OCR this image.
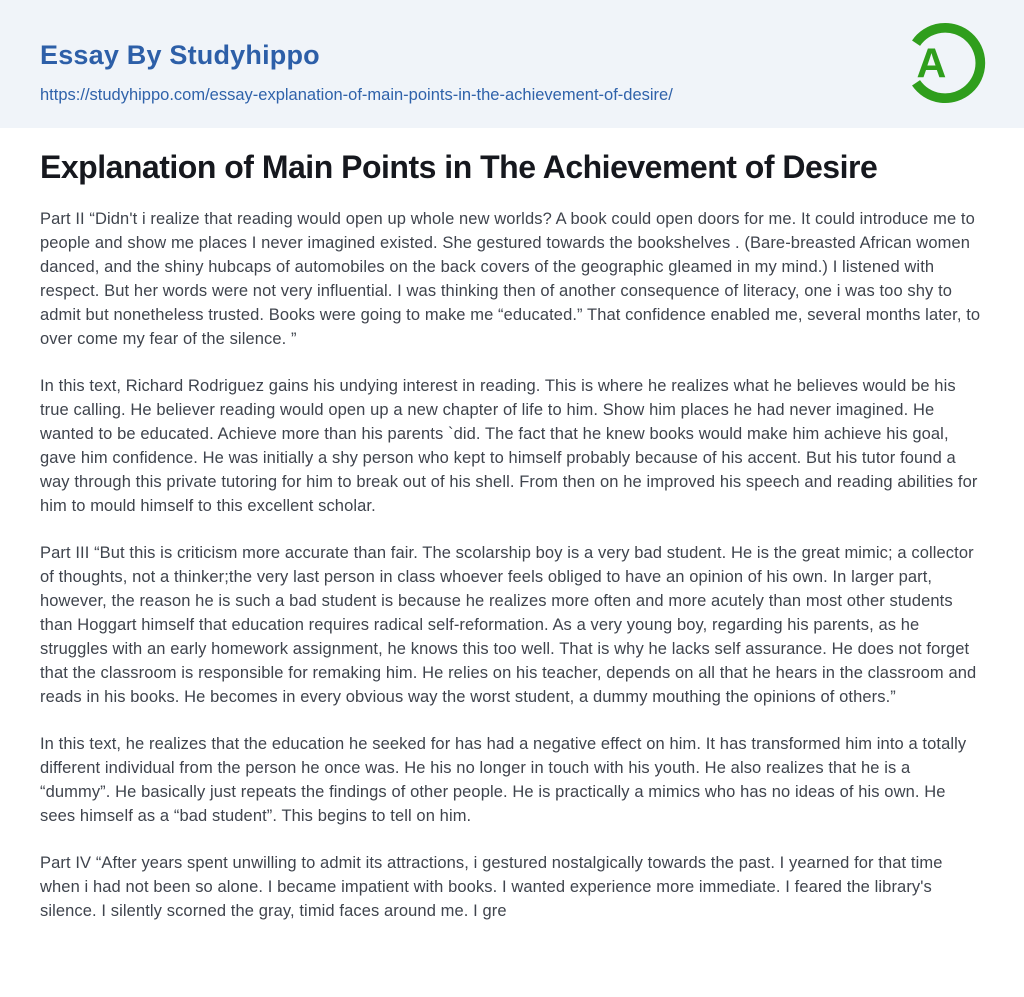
Essay By Studyhippo
https://studyhippo.com/essay-explanation-of-main-points-in-the-achievement-of-desire/
A
Explanation of Main Points in The Achievement of Desire

Part II “Didn't i realize that reading would open up whole new worlds? A book could open doors for me. It could introduce me to people and show me places I never imagined existed. She gestured towards the bookshelves . (Bare-breasted African women danced, and the shiny hubcaps of automobiles on the back covers of the geographic gleamed in my mind.) I listened with respect. But her words were not very influential. I was thinking then of another consequence of literacy, one i was too shy to admit but nonetheless trusted. Books were going to make me “educated.” That confidence enabled me, several months later, to over come my fear of the silence. ”

In this text, Richard Rodriguez gains his undying interest in reading. This is where he realizes what he believes would be his true calling. He believer reading would open up a new chapter of life to him. Show him places he had never imagined. He wanted to be educated. Achieve more than his parents `did. The fact that he knew books would make him achieve his goal, gave him confidence. He was initially a shy person who kept to himself probably because of his accent. But his tutor found a way through this private tutoring for him to break out of his shell. From then on he improved his speech and reading abilities for him to mould himself to this excellent scholar.

Part III “But this is criticism more accurate than fair. The scolarship boy is a very bad student. He is the great mimic; a collector of thoughts, not a thinker;the very last person in class whoever feels obliged to have an opinion of his own. In larger part, however, the reason he is such a bad student is because he realizes more often and more acutely than most other students than Hoggart himself that education requires radical self-reformation. As a very young boy, regarding his parents, as he struggles with an early homework assignment, he knows this too well. That is why he lacks self assurance. He does not forget that the classroom is responsible for remaking him. He relies on his teacher, depends on all that he hears in the classroom and reads in his books. He becomes in every obvious way the worst student, a dummy mouthing the opinions of others.”

In this text, he realizes that the education he seeked for has had a negative effect on him. It has transformed him into a totally different individual from the person he once was. He his no longer in touch with his youth. He also realizes that he is a “dummy”. He basically just repeats the findings of other people. He is practically a mimics who has no ideas of his own. He sees himself as a “bad student”. This begins to tell on him.

Part IV “After years spent unwilling to admit its attractions, i gestured nostalgically towards the past. I yearned for that time when i had not been so alone. I became impatient with books. I wanted experience more immediate. I feared the library's silence. I silently scorned the gray, timid faces around me. I gre
